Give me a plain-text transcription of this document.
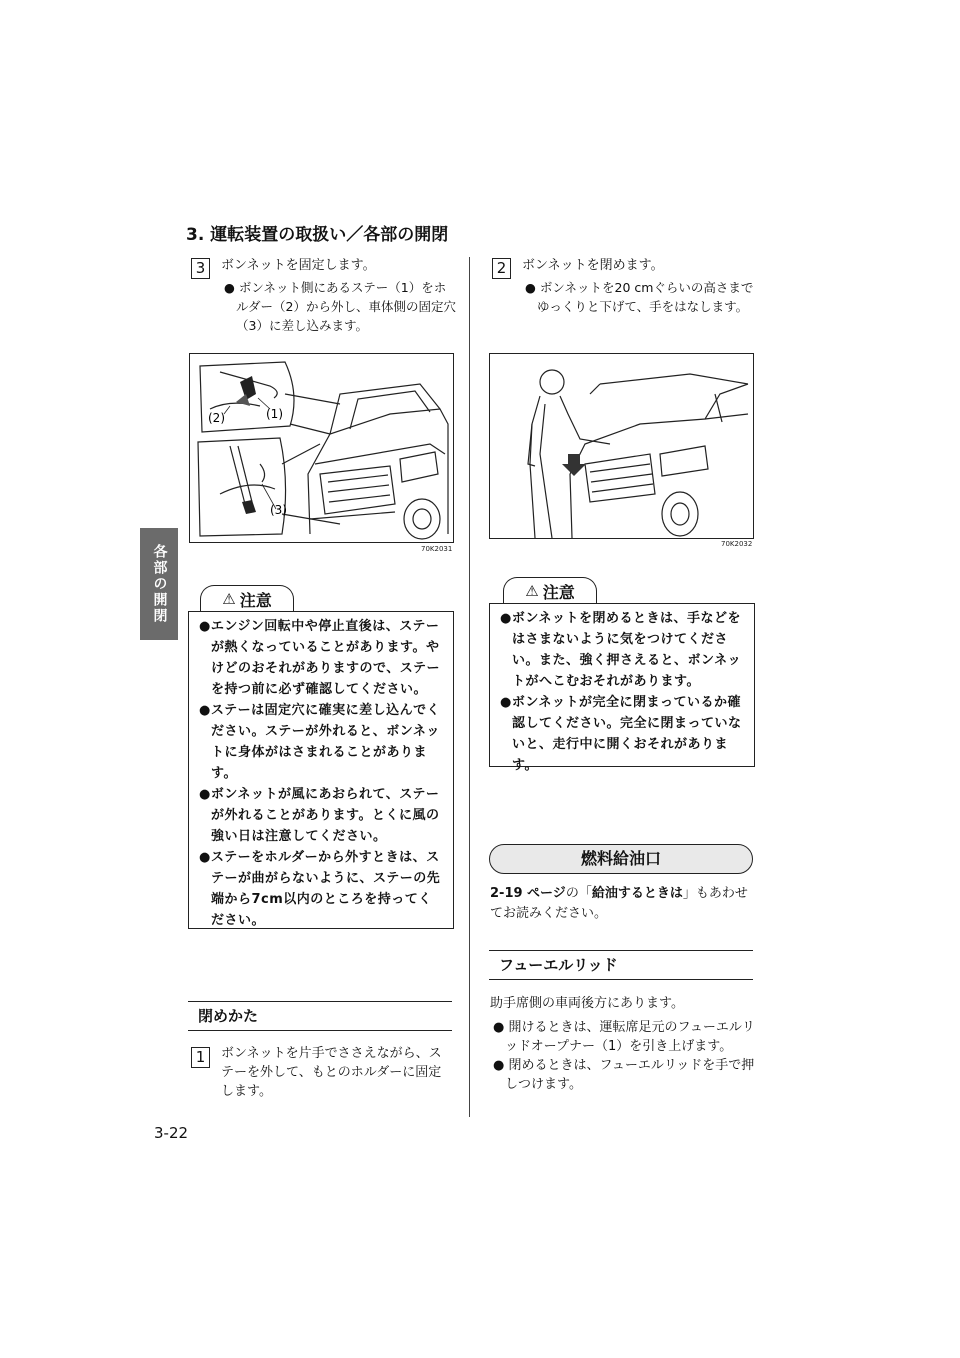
各部の開閉
3. 運転装置の取扱い／各部の開閉
3	ボンネットを固定します。

● ボンネット側にあるステー（1）をホルダー（2）から外し、車体側の固定穴（3）に差し込みます。

(2)	(1)
(3)
70K2031
⚠ 注意

●エンジン回転中や停止直後は、ステーが熱くなっていることがあります。やけどのおそれがありますので、ステーを持つ前に必ず確認してください。

●ステーは固定穴に確実に差し込んでください。ステーが外れると、ボンネットに身体がはさまれることがあります。

●ボンネットが風にあおられて、ステーが外れることがあります。とくに風の強い日は注意してください。

●ステーをホルダーから外すときは、ステーが曲がらないように、ステーの先端から7cm以内のところを持ってください。

閉めかた
1	ボンネットを片手でささえながら、ステーを外して、もとのホルダーに固定します。
2	ボンネットを閉めます。

● ボンネットを20 cmぐらいの高さまでゆっくりと下げて、手をはなします。

70K2032
⚠ 注意

●ボンネットを閉めるときは、手などをはさまないように気をつけてください。また、強く押さえると、ボンネットがへこむおそれがあります。

●ボンネットが完全に閉まっているか確認してください。完全に閉まっていないと、走行中に開くおそれがあります。

燃料給油口
2-19 ページの「給油するときは」もあわせてお読みください。
フューエルリッド
助手席側の車両後方にあります。

● 開けるときは、運転席足元のフューエルリッドオープナー（1）を引き上げます。

● 閉めるときは、フューエルリッドを手で押しつけます。

3-22
